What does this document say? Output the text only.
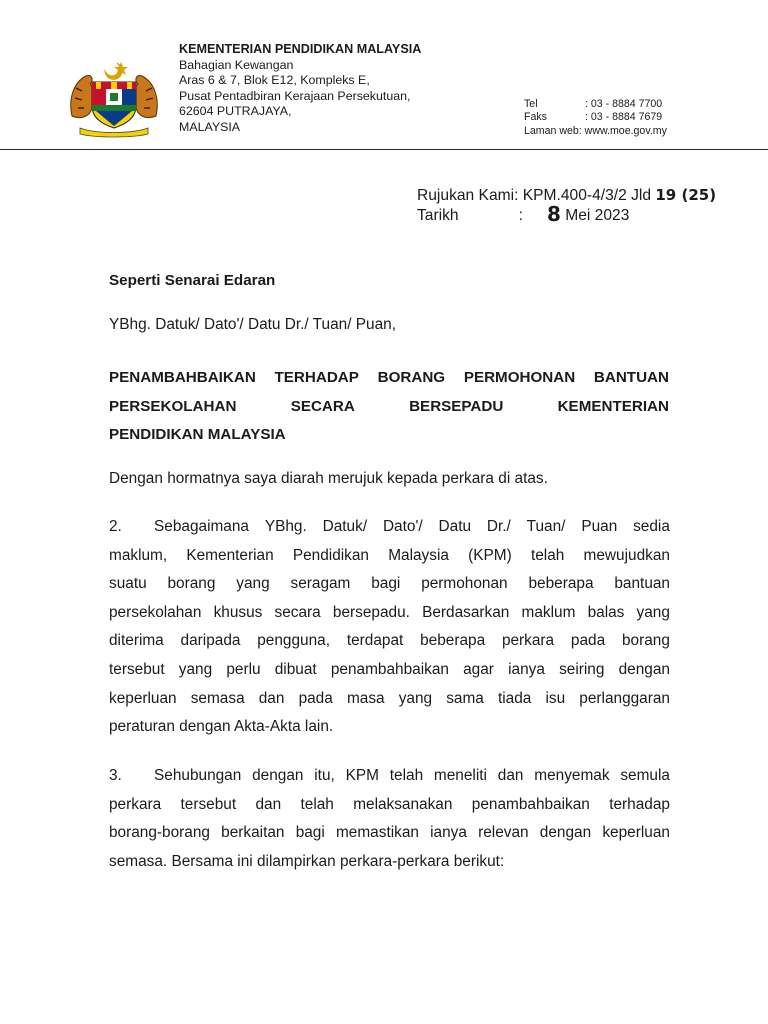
KEMENTERIAN PENDIDIKAN MALAYSIA
Bahagian Kewangan
Aras 6 & 7, Blok E12, Kompleks E,
Pusat Pentadbiran Kerajaan Persekutuan,
62604 PUTRAJAYA,
MALAYSIA
Tel	: 03 - 8884 7700
Faks	: 03 - 8884 7679
Laman web : www.moe.gov.my
Rujukan Kami: KPM.400-4/3/2 Jld 19 (25)
Tarikh	: 8 Mei 2023
Seperti Senarai Edaran
YBhg. Datuk/ Dato'/ Datu Dr./ Tuan/ Puan,
PENAMBAHBAIKAN TERHADAP BORANG PERMOHONAN BANTUAN
PERSEKOLAHAN	SECARA	BERSEPADU	KEMENTERIAN
PENDIDIKAN MALAYSIA
Dengan hormatnya saya diarah merujuk kepada perkara di atas.
2. Sebagaimana YBhg. Datuk/ Dato'/ Datu Dr./ Tuan/ Puan sedia
maklum, Kementerian Pendidikan Malaysia (KPM) telah mewujudkan
suatu borang yang seragam bagi permohonan beberapa bantuan
persekolahan khusus secara bersepadu. Berdasarkan maklum balas yang
diterima daripada pengguna, terdapat beberapa perkara pada borang
tersebut yang perlu dibuat penambahbaikan agar ianya seiring dengan
keperluan semasa dan pada masa yang sama tiada isu perlanggaran
peraturan dengan Akta-Akta lain.
3. Sehubungan dengan itu, KPM telah meneliti dan menyemak semula
perkara tersebut dan telah melaksanakan penambahbaikan terhadap
borang-borang berkaitan bagi memastikan ianya relevan dengan keperluan
semasa. Bersama ini dilampirkan perkara-perkara berikut:
